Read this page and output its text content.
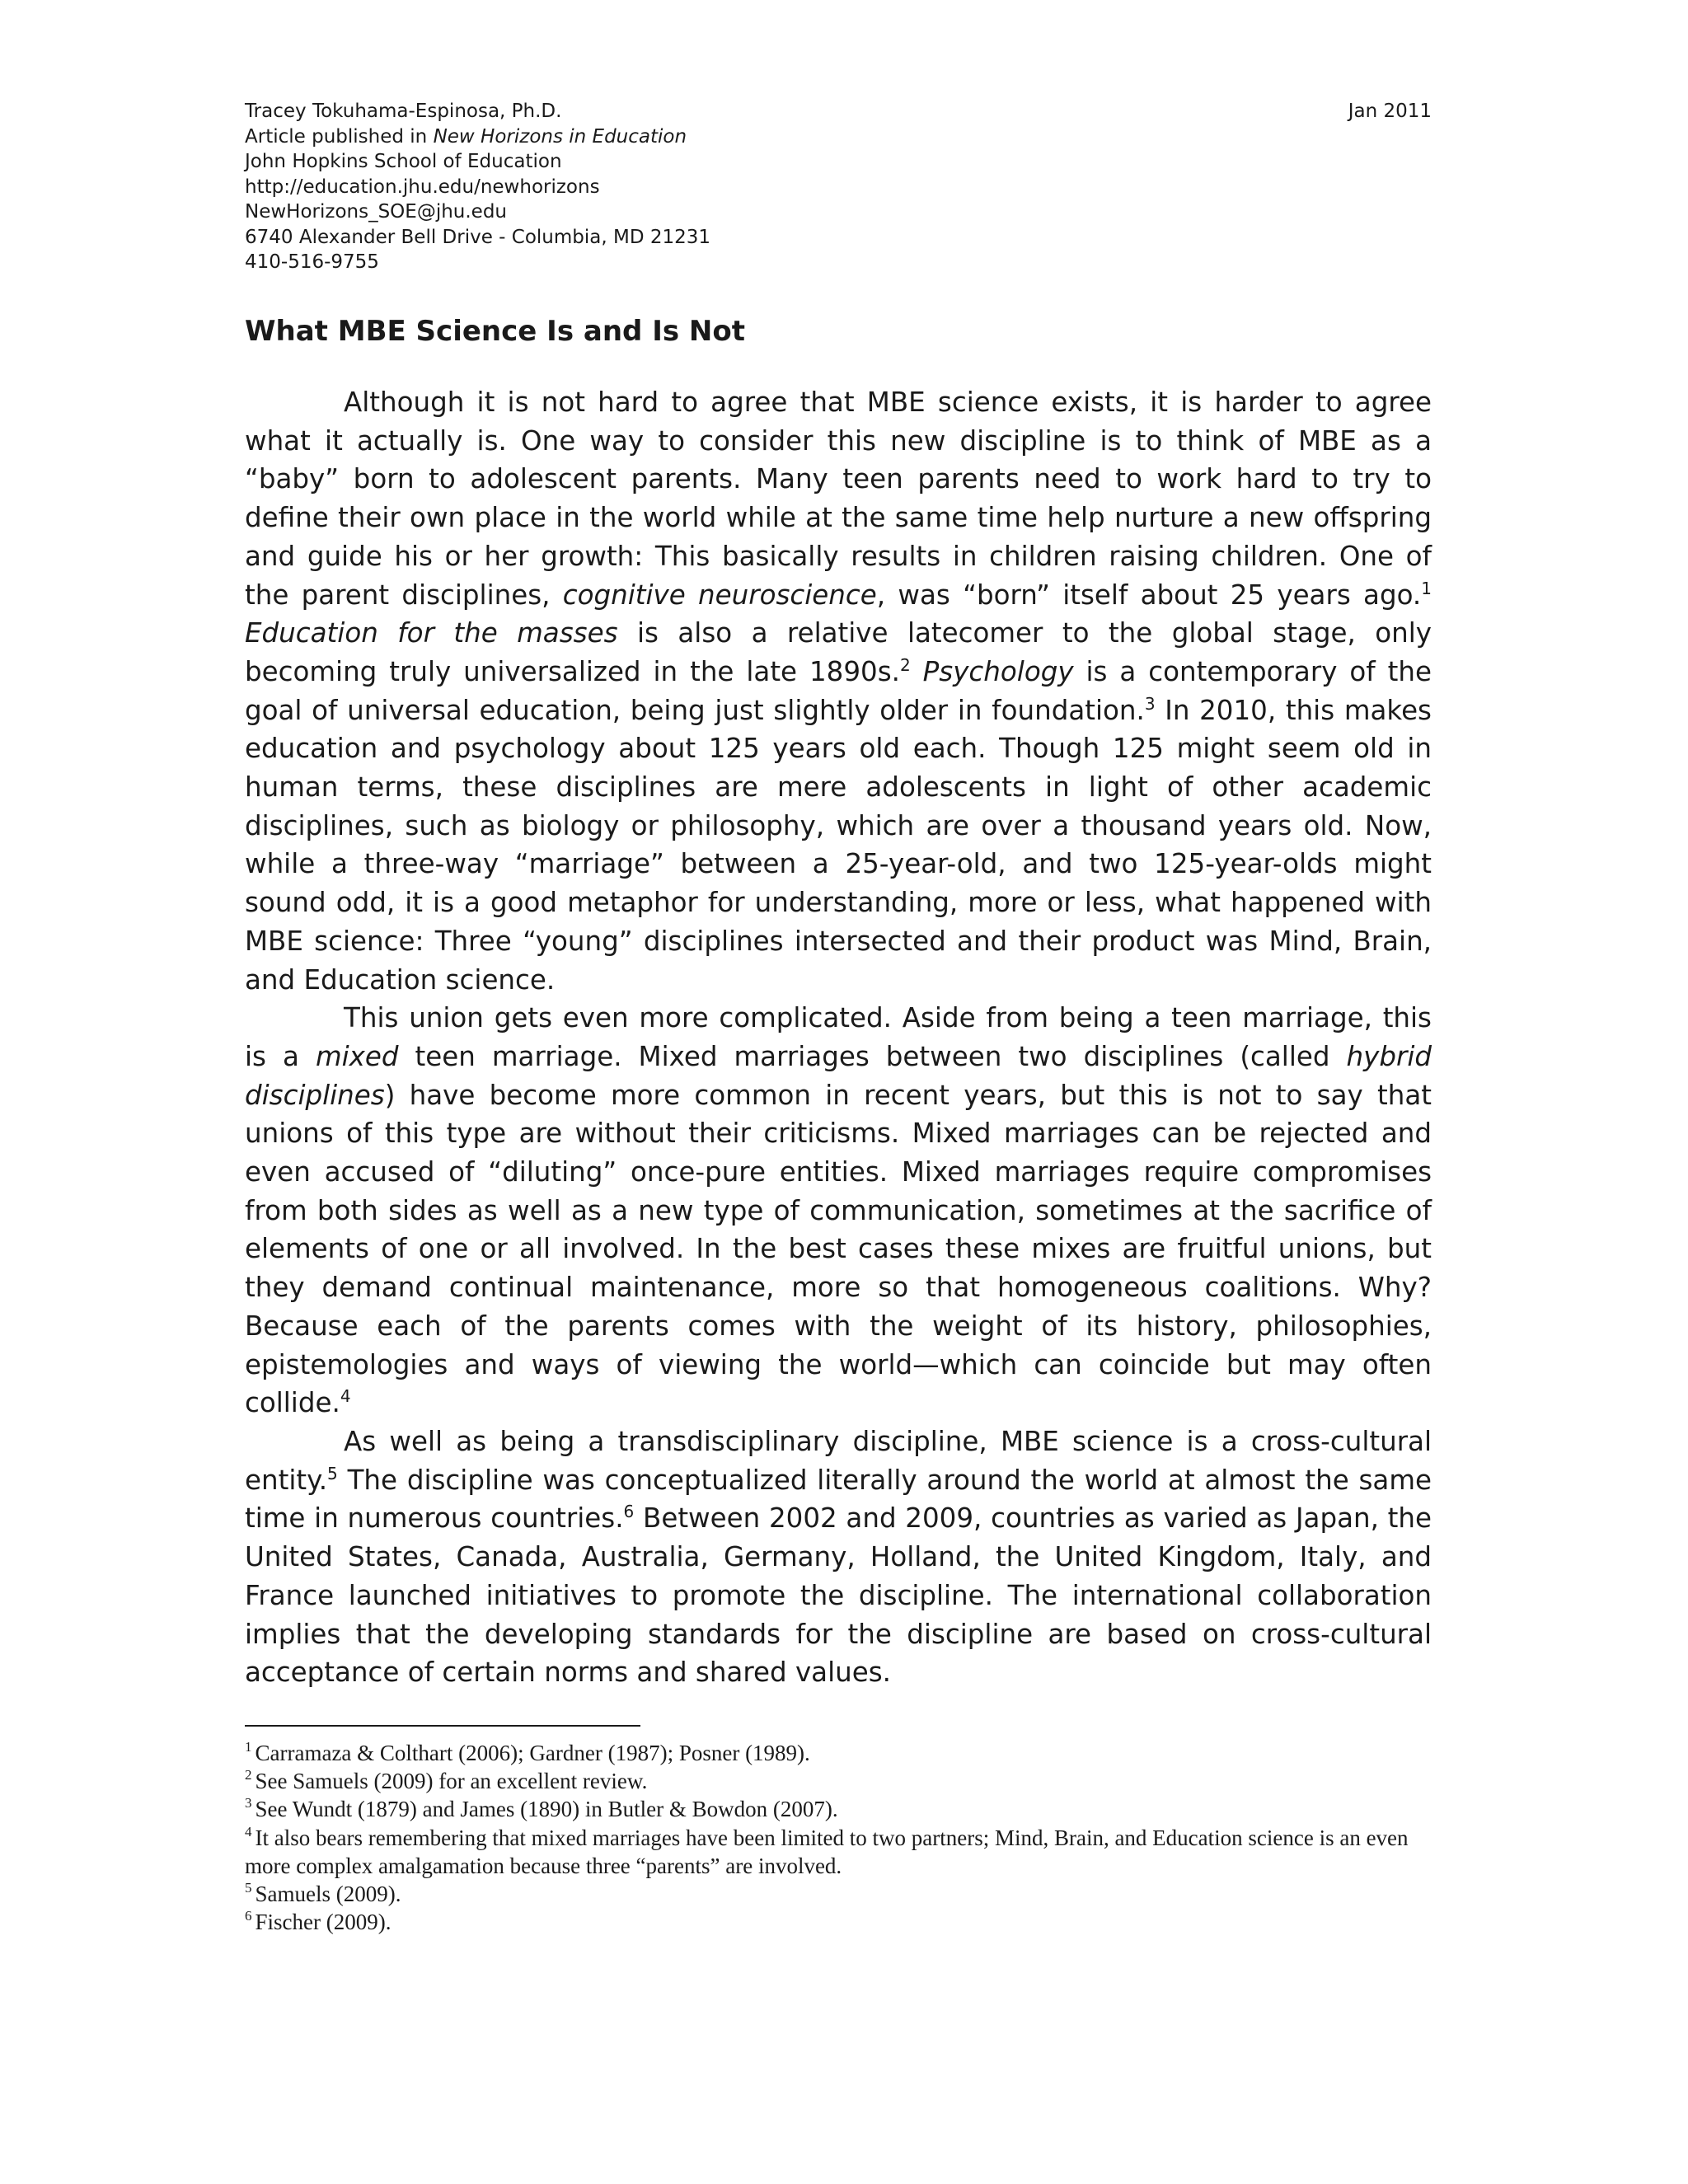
Tracey Tokuhama-Espinosa, Ph.D.	Jan 2011
Article published in New Horizons in Education
John Hopkins School of Education
http://education.jhu.edu/newhorizons
NewHorizons_SOE@jhu.edu
6740 Alexander Bell Drive - Columbia, MD 21231
410-516-9755
What MBE Science Is and Is Not

Although it is not hard to agree that MBE science exists, it is harder to agree what it actually is. One way to consider this new discipline is to think of MBE as a “baby” born to adolescent parents. Many teen parents need to work hard to try to define their own place in the world while at the same time help nurture a new offspring and guide his or her growth: This basically results in children raising children. One of the parent disciplines, cognitive neuroscience, was “born” itself about 25 years ago.$^1$ Education for the masses is also a relative latecomer to the global stage, only becoming truly universalized in the late 1890s.$^2$ Psychology is a contemporary of the goal of universal education, being just slightly older in foundation.$^3$ In 2010, this makes education and psychology about 125 years old each. Though 125 might seem old in human terms, these disciplines are mere adolescents in light of other academic disciplines, such as biology or philosophy, which are over a thousand years old. Now, while a three-way “marriage” between a 25-year-old, and two 125-year-olds might sound odd, it is a good metaphor for understanding, more or less, what happened with MBE science: Three “young” disciplines intersected and their product was Mind, Brain, and Education science.

This union gets even more complicated. Aside from being a teen marriage, this is a mixed teen marriage. Mixed marriages between two disciplines (called hybrid disciplines) have become more common in recent years, but this is not to say that unions of this type are without their criticisms. Mixed marriages can be rejected and even accused of “diluting” once-pure entities. Mixed marriages require compromises from both sides as well as a new type of communication, sometimes at the sacrifice of elements of one or all involved. In the best cases these mixes are fruitful unions, but they demand continual maintenance, more so that homogeneous coalitions. Why? Because each of the parents comes with the weight of its history, philosophies, epistemologies and ways of viewing the world—which can coincide but may often collide.$^4$

As well as being a transdisciplinary discipline, MBE science is a cross-cultural entity.$^5$ The discipline was conceptualized literally around the world at almost the same time in numerous countries.$^6$ Between 2002 and 2009, countries as varied as Japan, the United States, Canada, Australia, Germany, Holland, the United Kingdom, Italy, and France launched initiatives to promote the discipline. The international collaboration implies that the developing standards for the discipline are based on cross-cultural acceptance of certain norms and shared values.

$^1$ Carramaza & Colthart (2006); Gardner (1987); Posner (1989).

$^2$ See Samuels (2009) for an excellent review.

$^3$ See Wundt (1879) and James (1890) in Butler & Bowdon (2007).

$^4$ It also bears remembering that mixed marriages have been limited to two partners; Mind, Brain, and Education science is an even more complex amalgamation because three “parents” are involved.

$^5$ Samuels (2009).

$^6$ Fischer (2009).
